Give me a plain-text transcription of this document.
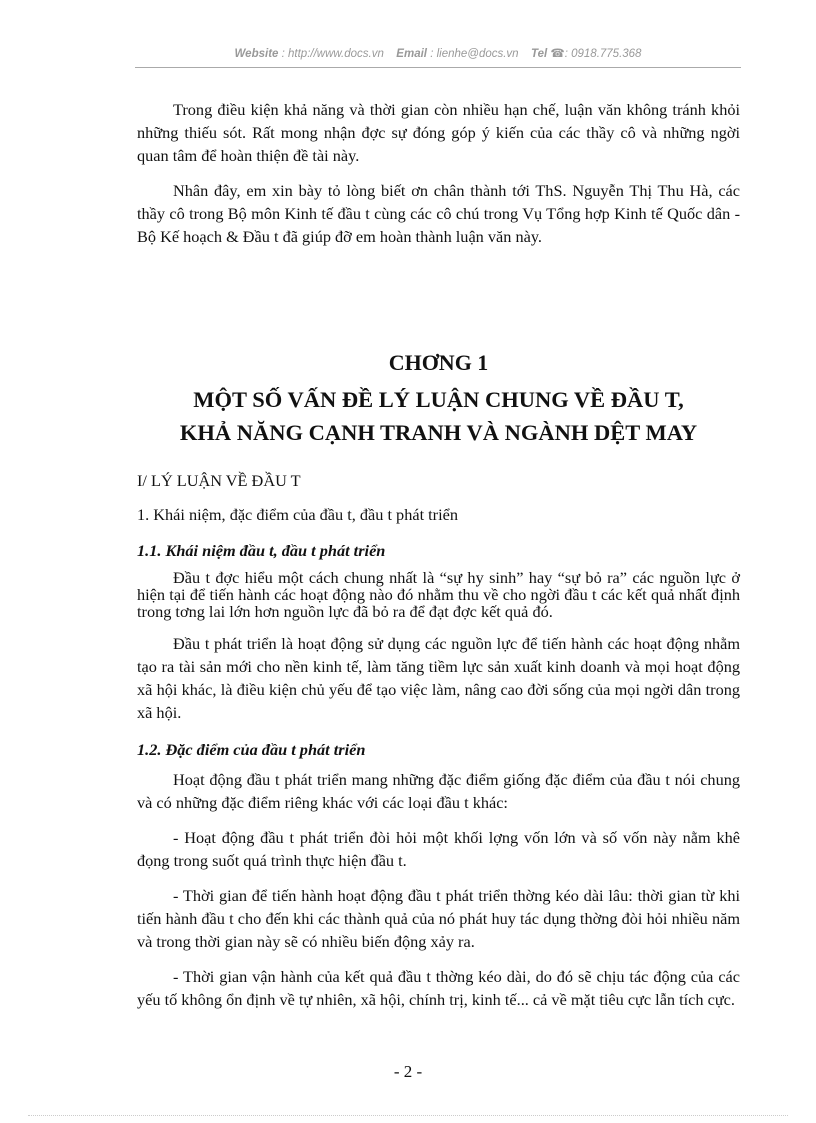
Website : http://www.docs.vn Email : lienhe@docs.vn Tel ☎: 0918.775.368

Trong điều kiện khả năng và thời gian còn nhiều hạn chế, luận văn không tránh khỏi những thiếu sót. Rất mong nhận đợc sự đóng góp ý kiến của các thầy cô và những ngời quan tâm để hoàn thiện đề tài này.

Nhân đây, em xin bày tỏ lòng biết ơn chân thành tới ThS. Nguyễn Thị Thu Hà, các thầy cô trong Bộ môn Kinh tế đầu t cùng các cô chú trong Vụ Tổng hợp Kinh tế Quốc dân - Bộ Kế hoạch & Đầu t đã giúp đỡ em hoàn thành luận văn này.

CHƠNG 1
MỘT SỐ VẤN ĐỀ LÝ LUẬN CHUNG VỀ ĐẦU T,
KHẢ NĂNG CẠNH TRANH VÀ NGÀNH DỆT MAY
I/ LÝ LUẬN VỀ ĐẦU T
1. Khái niệm, đặc điểm của đầu t, đầu t phát triển
1.1. Khái niệm đầu t, đầu t phát triển

Đầu t đợc hiểu một cách chung nhất là “sự hy sinh” hay “sự bỏ ra” các nguồn lực ở hiện tại để tiến hành các hoạt động nào đó nhằm thu về cho ngời đầu t các kết quả nhất định trong tơng lai lớn hơn nguồn lực đã bỏ ra để đạt đợc kết quả đó.

Đầu t phát triển là hoạt động sử dụng các nguồn lực để tiến hành các hoạt động nhằm tạo ra tài sản mới cho nền kinh tế, làm tăng tiềm lực sản xuất kinh doanh và mọi hoạt động xã hội khác, là điều kiện chủ yếu để tạo việc làm, nâng cao đời sống của mọi ngời dân trong xã hội.

1.2. Đặc điểm của đầu t phát triển

Hoạt động đầu t phát triển mang những đặc điểm giống đặc điểm của đầu t nói chung và có những đặc điểm riêng khác với các loại đầu t khác:

- Hoạt động đầu t phát triển đòi hỏi một khối lợng vốn lớn và số vốn này nằm khê đọng trong suốt quá trình thực hiện đầu t.

- Thời gian để tiến hành hoạt động đầu t phát triển thờng kéo dài lâu: thời gian từ khi tiến hành đầu t cho đến khi các thành quả của nó phát huy tác dụng thờng đòi hỏi nhiều năm và trong thời gian này sẽ có nhiều biến động xảy ra.

- Thời gian vận hành của kết quả đầu t thờng kéo dài, do đó sẽ chịu tác động của các yếu tố không ổn định về tự nhiên, xã hội, chính trị, kinh tế... cả về mặt tiêu cực lẫn tích cực.

- 2 -
